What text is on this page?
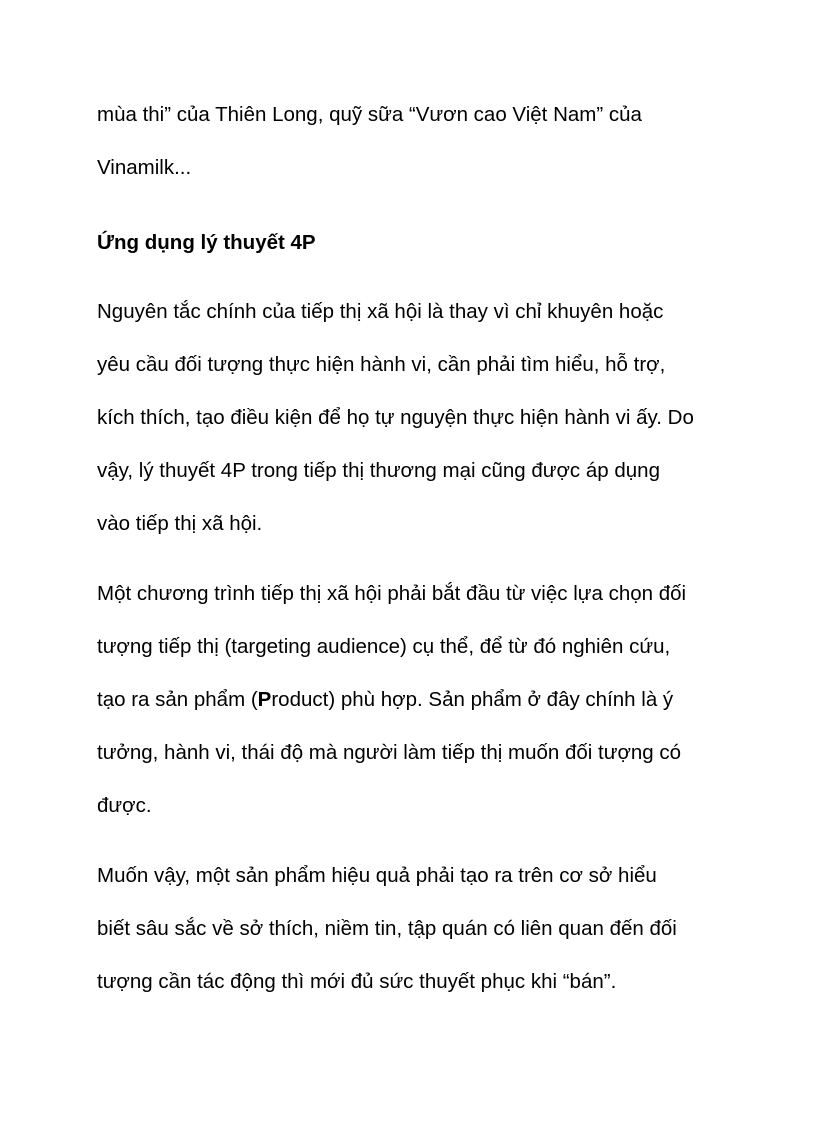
mùa thi” của Thiên Long, quỹ sữa “Vươn cao Việt Nam” của

Vinamilk...

Ứng dụng lý thuyết 4P

Nguyên tắc chính của tiếp thị xã hội là thay vì chỉ khuyên hoặc

yêu cầu đối tượng thực hiện hành vi, cần phải tìm hiểu, hỗ trợ,

kích thích, tạo điều kiện để họ tự nguyện thực hiện hành vi ấy. Do

vậy, lý thuyết 4P trong tiếp thị thương mại cũng được áp dụng

vào tiếp thị xã hội.

Một chương trình tiếp thị xã hội phải bắt đầu từ việc lựa chọn đối

tượng tiếp thị (targeting audience) cụ thể, để từ đó nghiên cứu,

tạo ra sản phẩm (Product) phù hợp. Sản phẩm ở đây chính là ý

tưởng, hành vi, thái độ mà người làm tiếp thị muốn đối tượng có

được.

Muốn vậy, một sản phẩm hiệu quả phải tạo ra trên cơ sở hiểu

biết sâu sắc về sở thích, niềm tin, tập quán có liên quan đến đối

tượng cần tác động thì mới đủ sức thuyết phục khi “bán”.
